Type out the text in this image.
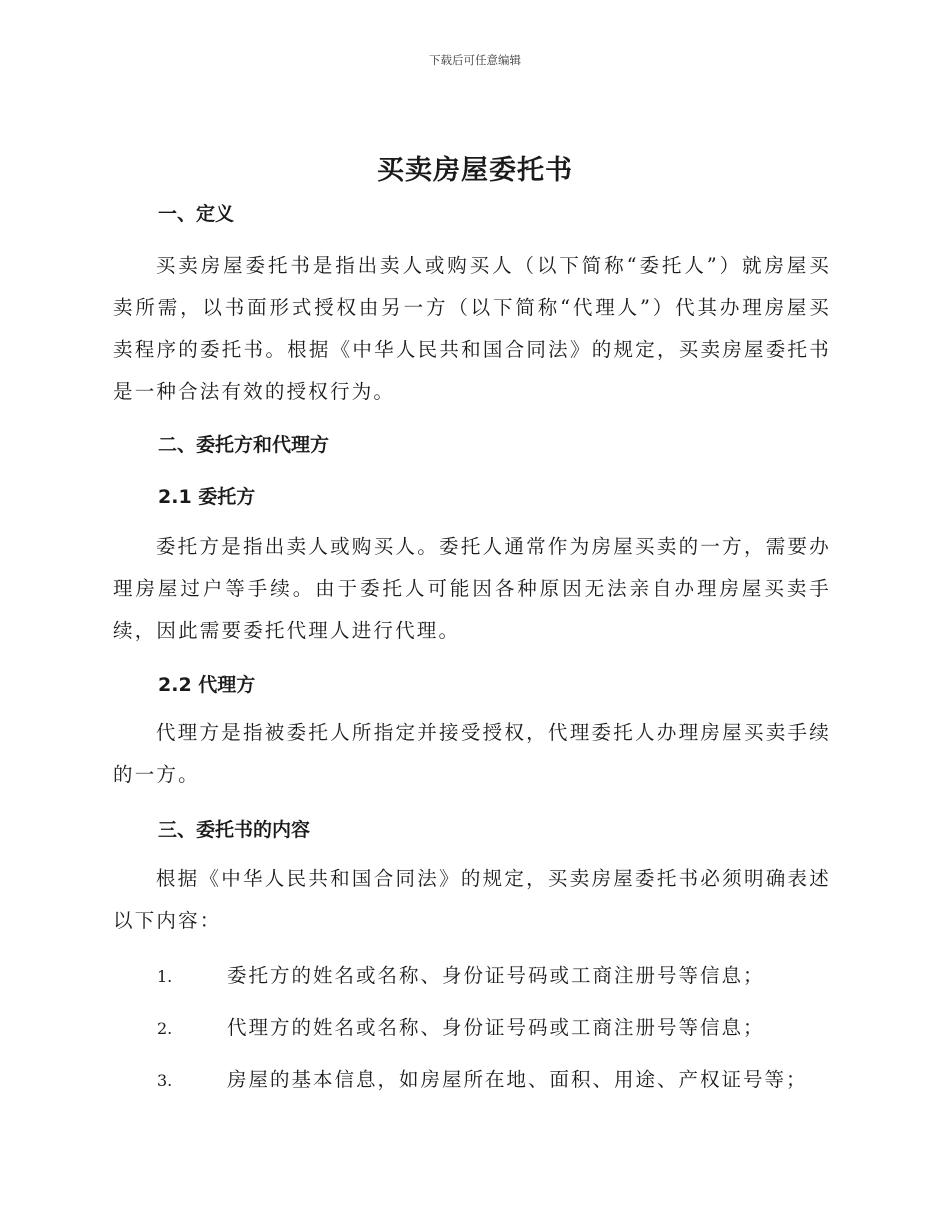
下载后可任意编辑
买卖房屋委托书
一、定义

买卖房屋委托书是指出卖人或购买人（以下简称“委托人”）就房屋买卖所需，以书面形式授权由另一方（以下简称“代理人”）代其办理房屋买卖程序的委托书。根据《中华人民共和国合同法》的规定，买卖房屋委托书是一种合法有效的授权行为。

二、委托方和代理方
2.1 委托方

委托方是指出卖人或购买人。委托人通常作为房屋买卖的一方，需要办理房屋过户等手续。由于委托人可能因各种原因无法亲自办理房屋买卖手续，因此需要委托代理人进行代理。

2.2 代理方

代理方是指被委托人所指定并接受授权，代理委托人办理房屋买卖手续的一方。

三、委托书的内容

根据《中华人民共和国合同法》的规定，买卖房屋委托书必须明确表述以下内容：

1.	委托方的姓名或名称、身份证号码或工商注册号等信息；
2.	代理方的姓名或名称、身份证号码或工商注册号等信息；
3.	房屋的基本信息，如房屋所在地、面积、用途、产权证号等；
